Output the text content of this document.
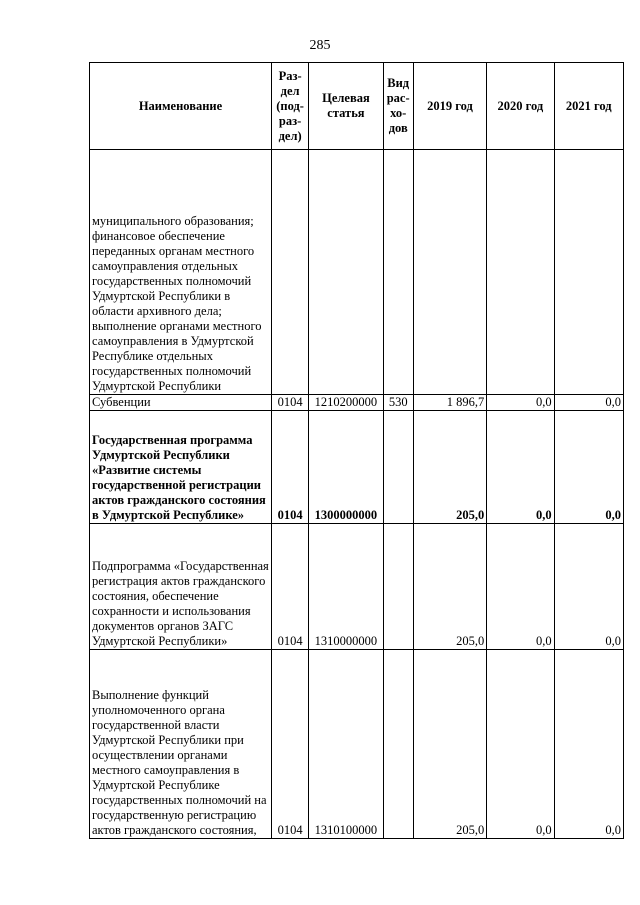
285
Наименование	Раз-дел (под-раз-дел)	Целевая статья	Вид рас-хо-дов	2019 год	2020 год	2021 год
муниципального образования; финансовое обеспечение переданных органам местного самоуправления отдельных государственных полномочий Удмуртской Республики в области архивного дела; выполнение органами местного самоуправления в Удмуртской Республике отдельных государственных полномочий Удмуртской Республики						
Субвенции	0104	1210200000	530	1 896,7	0,0	0,0
Государственная программа Удмуртской Республики «Развитие системы государственной регистрации актов гражданского состояния в Удмуртской Республике»	0104	1300000000		205,0	0,0	0,0
Подпрограмма «Государственная регистрация актов гражданского состояния, обеспечение сохранности и использования документов органов ЗАГС Удмуртской Республики»	0104	1310000000		205,0	0,0	0,0
Выполнение функций уполномоченного органа государственной власти Удмуртской Республики при осуществлении органами местного самоуправления в Удмуртской Республике государственных полномочий на государственную регистрацию актов гражданского состояния,	0104	1310100000		205,0	0,0	0,0
